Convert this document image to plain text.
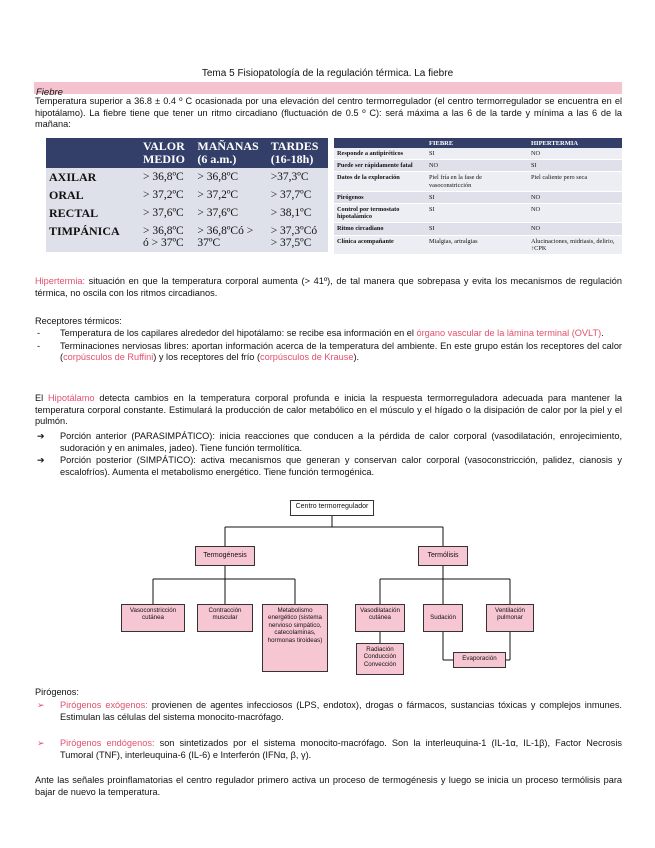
Tema 5 Fisiopatología de la regulación térmica. La fiebre
Fiebre
Temperatura superior a 36.8 ± 0.4 º C ocasionada por una elevación del centro termorregulador (el centro termorregulador se encuentra en el hipotálamo). La fiebre tiene que tener un ritmo circadiano (fluctuación de 0.5 º C): será máxima a las 6 de la tarde y mínima a las 6 de la mañana:
	VALOR MEDIO	MAÑANAS (6 a.m.)	TARDES (16-18h)
AXILAR	> 36,8ºC	> 36,8ºC	>37,3ºC
ORAL	> 37,2ºC	> 37,2ºC	> 37,7ºC
RECTAL	> 37,6ºC	> 37,6ºC	> 38,1ºC
TIMPÁNICA	> 36,8ºC ó > 37ºC	> 36,8ºCó > 37ºC	> 37,3ºCó > 37,5ºC
	FIEBRE	HIPERTERMIA
Responde a antipiréticos	SI	NO
Puede ser rápidamente fatal	NO	SI
Datos de la exploración	Piel fría en la fase de vasoconstricción	Piel caliente pero seca
Pirógenos	SI	NO
Control por termostato hipotalámico	SI	NO
Ritmo circadiano	SI	NO
Clínica acompañante	Mialgias, artralgias	Alucinaciones, midriasis, delirio, ↑CPK
Hipertermia: situación en que la temperatura corporal aumenta (> 41º), de tal manera que sobrepasa y evita los mecanismos de regulación térmica, no oscila con los ritmos circadianos.
Receptores térmicos:
- Temperatura de los capilares alrededor del hipotálamo: se recibe esa información en el órgano vascular de la lámina terminal (OVLT).
- Terminaciones nerviosas libres: aportan información acerca de la temperatura del ambiente. En este grupo están los receptores del calor (corpúsculos de Ruffini) y los receptores del frío (corpúsculos de Krause).
El Hipotálamo detecta cambios en la temperatura corporal profunda e inicia la respuesta termorreguladora adecuada para mantener la temperatura corporal constante. Estimulará la producción de calor metabólico en el músculo y el hígado o la disipación de calor por la piel y el pulmón.
➔ Porción anterior (PARASIMPÁTICO): inicia reacciones que conducen a la pérdida de calor corporal (vasodilatación, enrojecimiento, sudoración y en animales, jadeo). Tiene función termolítica.
➔ Porción posterior (SIMPÁTICO): activa mecanismos que generan y conservan calor corporal (vasoconstricción, palidez, cianosis y escalofríos). Aumenta el metabolismo energético. Tiene función termogénica.
Centro termorregulador
Termogénesis	Termólisis
Vasoconstricción cutánea
Contracción muscular
Metabolismo energético (sistema nervioso simpático, catecolaminas, hormonas tiroideas)
Vasodilatación cutánea	Sudación
Ventilación pulmonar
Radiación Conducción Convección
Evaporación
Pirógenos:
➢ Pirógenos exógenos: provienen de agentes infecciosos (LPS, endotox), drogas o fármacos, sustancias tóxicas y complejos inmunes. Estimulan las células del sistema monocito-macrófago.
➢ Pirógenos endógenos: son sintetizados por el sistema monocito-macrófago. Son la interleuquina-1 (IL-1α, IL-1β), Factor Necrosis Tumoral (TNF), interleuquina-6 (IL-6) e Interferón (IFNα, β, γ).
Ante las señales proinflamatorias el centro regulador primero activa un proceso de termogénesis y luego se inicia un proceso termólisis para bajar de nuevo la temperatura.
